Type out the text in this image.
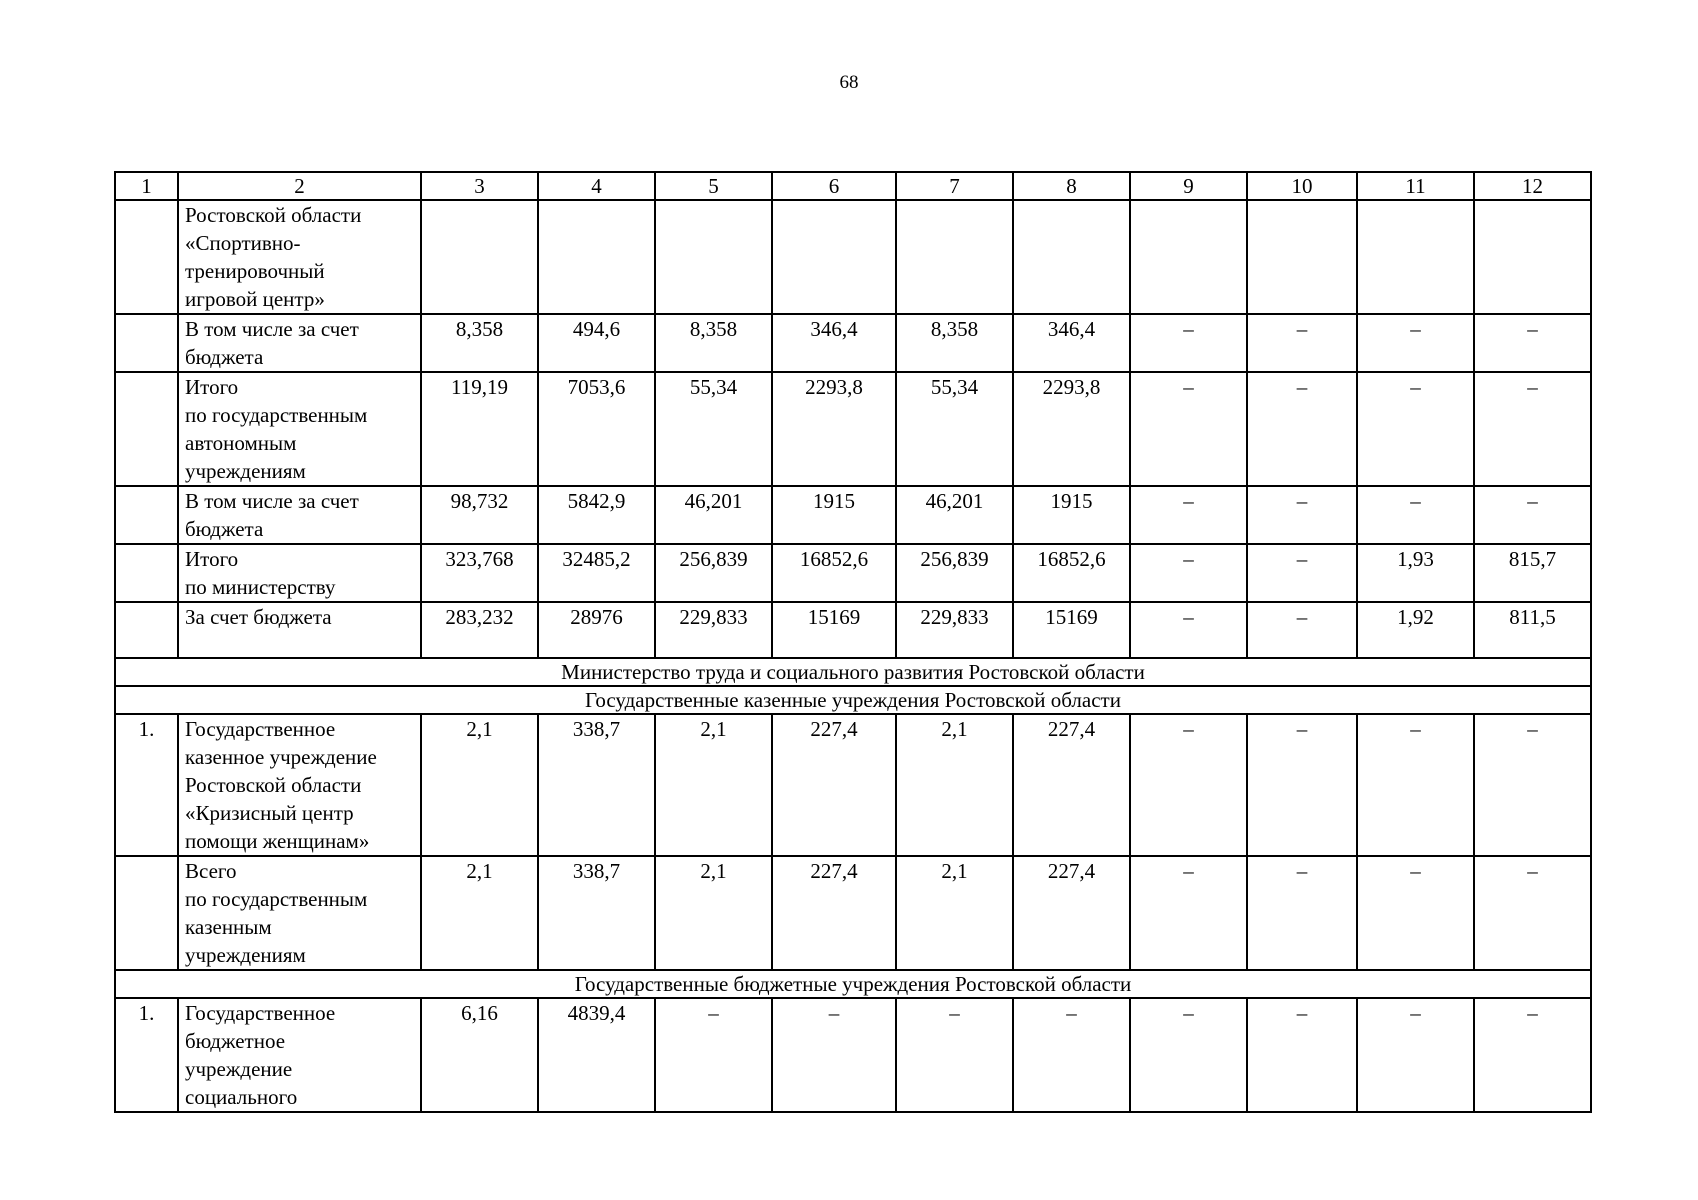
68
1	2	3	4	5	6	7	8	9	10	11	12

	Ростовской области
«Спортивно-
тренировочный
игровой центр»										

	В том числе за счет
бюджета	8,358	494,6	8,358	346,4	8,358	346,4	–	–	–	–

	Итого
по государственным
автономным
учреждениям	119,19	7053,6	55,34	2293,8	55,34	2293,8	–	–	–	–

	В том числе за счет
бюджета	98,732	5842,9	46,201	1915	46,201	1915	–	–	–	–

	Итого
по министерству	323,768	32485,2	256,839	16852,6	256,839	16852,6	–	–	1,93	815,7

	За счет бюджета	283,232	28976	229,833	15169	229,833	15169	–	–	1,92	811,5
Министерство труда и социального развития Ростовской области											
Государственные казенные учреждения Ростовской области											
1.	Государственное
казенное учреждение
Ростовской области
«Кризисный центр
помощи женщинам»	2,1	338,7	2,1	227,4	2,1	227,4	–	–	–	–

	Всего
по государственным
казенным
учреждениям	2,1	338,7	2,1	227,4	2,1	227,4	–	–	–	–
Государственные бюджетные учреждения Ростовской области											
1.	Государственное
бюджетное
учреждение
социального	6,16	4839,4	–	–	–	–	–	–	–	–
